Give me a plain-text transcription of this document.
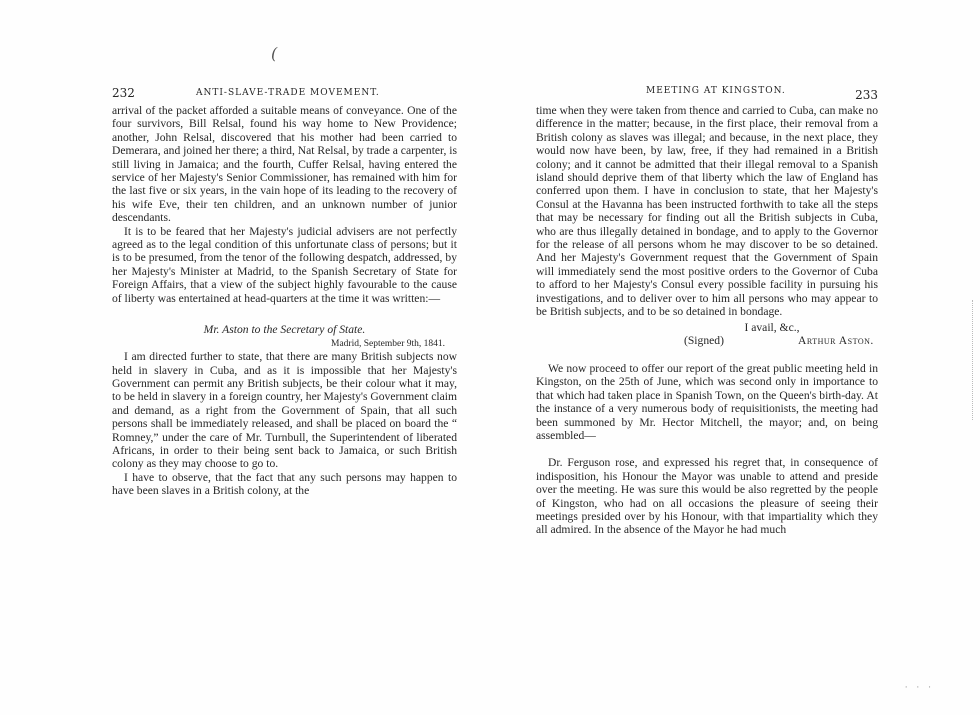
(
232	ANTI-SLAVE-TRADE MOVEMENT.

arrival of the packet afforded a suitable means of conveyance. One of the four survivors, Bill Relsal, found his way home to New Providence; another, John Relsal, discovered that his mother had been carried to Demerara, and joined her there; a third, Nat Relsal, by trade a carpenter, is still living in Jamaica; and the fourth, Cuffer Relsal, having entered the service of her Majesty's Senior Commissioner, has remained with him for the last five or six years, in the vain hope of its leading to the recovery of his wife Eve, their ten children, and an unknown number of junior descendants.

It is to be feared that her Majesty's judicial advisers are not perfectly agreed as to the legal condition of this unfortunate class of persons; but it is to be presumed, from the tenor of the following despatch, addressed, by her Majesty's Minister at Madrid, to the Spanish Secretary of State for Foreign Affairs, that a view of the subject highly favourable to the cause of liberty was entertained at head-quarters at the time it was written:—

Mr. Aston to the Secretary of State.
Madrid, September 9th, 1841.

I am directed further to state, that there are many British subjects now held in slavery in Cuba, and as it is impossible that her Majesty's Government can permit any British subjects, be their colour what it may, to be held in slavery in a foreign country, her Majesty's Government claim and demand, as a right from the Government of Spain, that all such persons shall be immediately released, and shall be placed on board the “ Romney,” under the care of Mr. Turnbull, the Superintendent of liberated Africans, in order to their being sent back to Jamaica, or such British colony as they may choose to go to.

I have to observe, that the fact that any such persons may happen to have been slaves in a British colony, at the

MEETING AT KINGSTON.	233

time when they were taken from thence and carried to Cuba, can make no difference in the matter; because, in the first place, their removal from a British colony as slaves was illegal; and because, in the next place, they would now have been, by law, free, if they had remained in a British colony; and it cannot be admitted that their illegal removal to a Spanish island should deprive them of that liberty which the law of England has conferred upon them. I have in conclusion to state, that her Majesty's Consul at the Havanna has been instructed forthwith to take all the steps that may be necessary for finding out all the British subjects in Cuba, who are thus illegally detained in bondage, and to apply to the Governor for the release of all persons whom he may discover to be so detained. And her Majesty's Government request that the Government of Spain will immediately send the most positive orders to the Governor of Cuba to afford to her Majesty's Consul every possible facility in pursuing his investigations, and to deliver over to him all persons who may appear to be British subjects, and to be so detained in bondage.

I avail, &c.,
(Signed)	Arthur Aston.

We now proceed to offer our report of the great public meeting held in Kingston, on the 25th of June, which was second only in importance to that which had taken place in Spanish Town, on the Queen's birth-day. At the instance of a very numerous body of requisitionists, the meeting had been summoned by Mr. Hector Mitchell, the mayor; and, on being assembled—

Dr. Ferguson rose, and expressed his regret that, in consequence of indisposition, his Honour the Mayor was unable to attend and preside over the meeting. He was sure this would be also regretted by the people of Kingston, who had on all occasions the pleasure of seeing their meetings presided over by his Honour, with that impartiality which they all admired. In the absence of the Mayor he had much

· · ·
